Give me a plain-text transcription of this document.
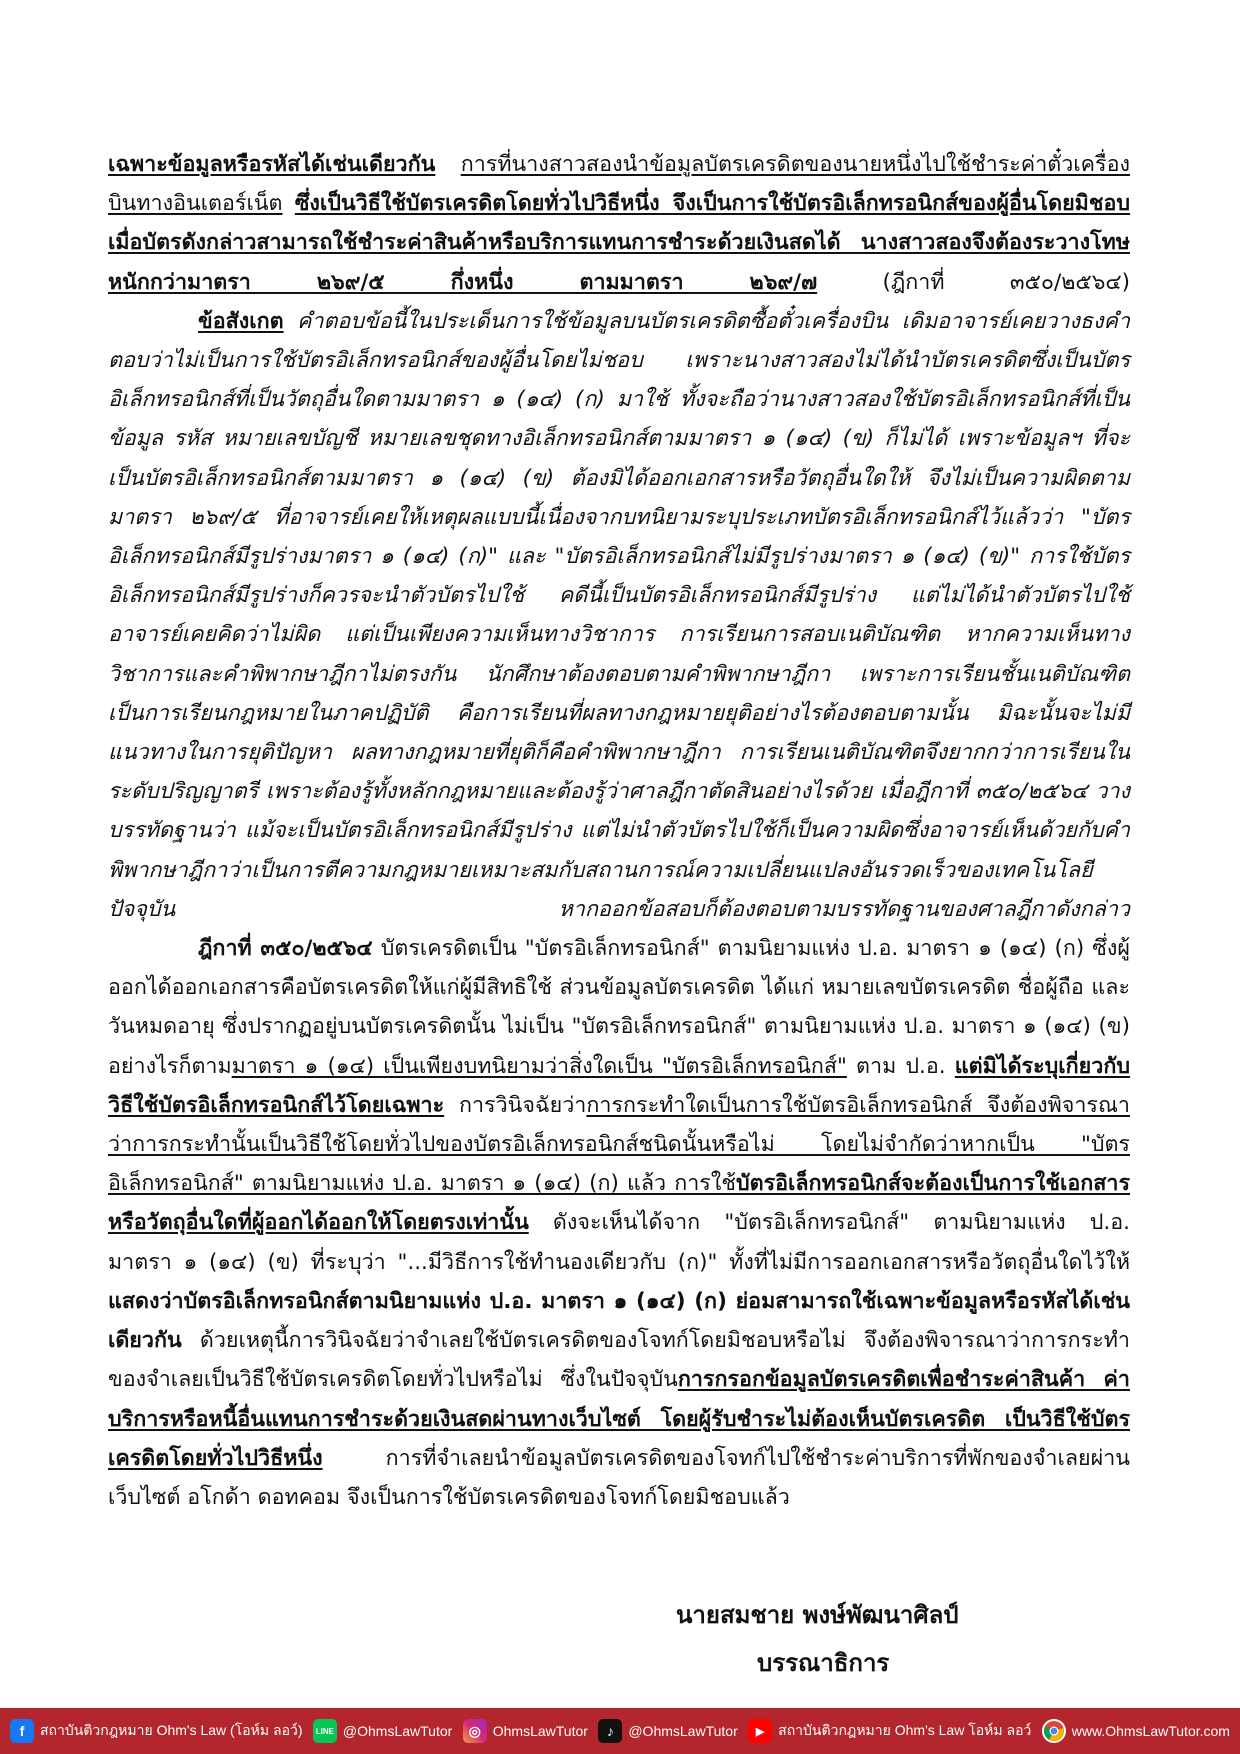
เฉพาะข้อมูลหรือรหัสได้เช่นเดียวกัน การที่นางสาวสองนำข้อมูลบัตรเครดิตของนายหนึ่งไปใช้ชำระค่าตั๋วเครื่องบินทางอินเตอร์เน็ต ซึ่งเป็นวิธีใช้บัตรเครดิตโดยทั่วไปวิธีหนึ่ง จึงเป็นการใช้บัตรอิเล็กทรอนิกส์ของผู้อื่นโดยมิชอบ เมื่อบัตรดังกล่าวสามารถใช้ชำระค่าสินค้าหรือบริการแทนการชำระด้วยเงินสดได้ นางสาวสองจึงต้องระวางโทษหนักกว่ามาตรา ๒๖๙/๕ กึ่งหนึ่ง ตามมาตรา ๒๖๙/๗ (ฎีกาที่ ๓๕๐/๒๕๖๔)

ข้อสังเกต คำตอบข้อนี้ในประเด็นการใช้ข้อมูลบนบัตรเครดิตซื้อตั๋วเครื่องบิน เดิมอาจารย์เคยวางธงคำตอบว่าไม่เป็นการใช้บัตรอิเล็กทรอนิกส์ของผู้อื่นโดยไม่ชอบ เพราะนางสาวสองไม่ได้นำบัตรเครดิตซึ่งเป็นบัตรอิเล็กทรอนิกส์ที่เป็นวัตถุอื่นใดตามมาตรา ๑ (๑๔) (ก) มาใช้ ทั้งจะถือว่านางสาวสองใช้บัตรอิเล็กทรอนิกส์ที่เป็นข้อมูล รหัส หมายเลขบัญชี หมายเลขชุดทางอิเล็กทรอนิกส์ตามมาตรา ๑ (๑๔) (ข) ก็ไม่ได้ เพราะข้อมูลฯ ที่จะเป็นบัตรอิเล็กทรอนิกส์ตามมาตรา ๑ (๑๔) (ข) ต้องมิได้ออกเอกสารหรือวัตถุอื่นใดให้ จึงไม่เป็นความผิดตามมาตรา ๒๖๙/๕ ที่อาจารย์เคยให้เหตุผลแบบนี้เนื่องจากบทนิยามระบุประเภทบัตรอิเล็กทรอนิกส์ไว้แล้วว่า "บัตรอิเล็กทรอนิกส์มีรูปร่างมาตรา ๑ (๑๔) (ก)" และ "บัตรอิเล็กทรอนิกส์ไม่มีรูปร่างมาตรา ๑ (๑๔) (ข)" การใช้บัตรอิเล็กทรอนิกส์มีรูปร่างก็ควรจะนำตัวบัตรไปใช้ คดีนี้เป็นบัตรอิเล็กทรอนิกส์มีรูปร่าง แต่ไม่ได้นำตัวบัตรไปใช้ อาจารย์เคยคิดว่าไม่ผิด แต่เป็นเพียงความเห็นทางวิชาการ การเรียนการสอบเนติบัณฑิต หากความเห็นทางวิชาการและคำพิพากษาฎีกาไม่ตรงกัน นักศึกษาต้องตอบตามคำพิพากษาฎีกา เพราะการเรียนชั้นเนติบัณฑิตเป็นการเรียนกฎหมายในภาคปฏิบัติ คือการเรียนที่ผลทางกฎหมายยุติอย่างไรต้องตอบตามนั้น มิฉะนั้นจะไม่มีแนวทางในการยุติปัญหา ผลทางกฎหมายที่ยุติก็คือคำพิพากษาฎีกา การเรียนเนติบัณฑิตจึงยากกว่าการเรียนในระดับปริญญาตรี เพราะต้องรู้ทั้งหลักกฎหมายและต้องรู้ว่าศาลฎีกาตัดสินอย่างไรด้วย เมื่อฎีกาที่ ๓๕๐/๒๕๖๔ วางบรรทัดฐานว่า แม้จะเป็นบัตรอิเล็กทรอนิกส์มีรูปร่าง แต่ไม่นำตัวบัตรไปใช้ก็เป็นความผิดซึ่งอาจารย์เห็นด้วยกับคำพิพากษาฎีกาว่าเป็นการตีความกฎหมายเหมาะสมกับสถานการณ์ความเปลี่ยนแปลงอันรวดเร็วของเทคโนโลยีปัจจุบัน หากออกข้อสอบก็ต้องตอบตามบรรทัดฐานของศาลฎีกาดังกล่าว

ฎีกาที่ ๓๕๐/๒๕๖๔ บัตรเครดิตเป็น "บัตรอิเล็กทรอนิกส์" ตามนิยามแห่ง ป.อ. มาตรา ๑ (๑๔) (ก) ซึ่งผู้ออกได้ออกเอกสารคือบัตรเครดิตให้แก่ผู้มีสิทธิใช้ ส่วนข้อมูลบัตรเครดิต ได้แก่ หมายเลขบัตรเครดิต ชื่อผู้ถือ และวันหมดอายุ ซึ่งปรากฏอยู่บนบัตรเครดิตนั้น ไม่เป็น "บัตรอิเล็กทรอนิกส์" ตามนิยามแห่ง ป.อ. มาตรา ๑ (๑๔) (ข) อย่างไรก็ตามมาตรา ๑ (๑๔) เป็นเพียงบทนิยามว่าสิ่งใดเป็น "บัตรอิเล็กทรอนิกส์" ตาม ป.อ. แต่มิได้ระบุเกี่ยวกับวิธีใช้บัตรอิเล็กทรอนิกส์ไว้โดยเฉพาะ การวินิจฉัยว่าการกระทำใดเป็นการใช้บัตรอิเล็กทรอนิกส์ จึงต้องพิจารณาว่าการกระทำนั้นเป็นวิธีใช้โดยทั่วไปของบัตรอิเล็กทรอนิกส์ชนิดนั้นหรือไม่ โดยไม่จำกัดว่าหากเป็น "บัตรอิเล็กทรอนิกส์" ตามนิยามแห่ง ป.อ. มาตรา ๑ (๑๔) (ก) แล้ว การใช้บัตรอิเล็กทรอนิกส์จะต้องเป็นการใช้เอกสารหรือวัตถุอื่นใดที่ผู้ออกได้ออกให้โดยตรงเท่านั้น ดังจะเห็นได้จาก "บัตรอิเล็กทรอนิกส์" ตามนิยามแห่ง ป.อ. มาตรา ๑ (๑๔) (ข) ที่ระบุว่า "...มีวิธีการใช้ทำนองเดียวกับ (ก)" ทั้งที่ไม่มีการออกเอกสารหรือวัตถุอื่นใดไว้ให้ แสดงว่าบัตรอิเล็กทรอนิกส์ตามนิยามแห่ง ป.อ. มาตรา ๑ (๑๔) (ก) ย่อมสามารถใช้เฉพาะข้อมูลหรือรหัสได้เช่นเดียวกัน ด้วยเหตุนี้การวินิจฉัยว่าจำเลยใช้บัตรเครดิตของโจทก์โดยมิชอบหรือไม่ จึงต้องพิจารณาว่าการกระทำของจำเลยเป็นวิธีใช้บัตรเครดิตโดยทั่วไปหรือไม่ ซึ่งในปัจจุบันการกรอกข้อมูลบัตรเครดิตเพื่อชำระค่าสินค้า ค่าบริการหรือหนี้อื่นแทนการชำระด้วยเงินสดผ่านทางเว็บไซต์ โดยผู้รับชำระไม่ต้องเห็นบัตรเครดิต เป็นวิธีใช้บัตรเครดิตโดยทั่วไปวิธีหนึ่ง การที่จำเลยนำข้อมูลบัตรเครดิตของโจทก์ไปใช้ชำระค่าบริการที่พักของจำเลยผ่านเว็บไซต์ อโกด้า ดอทคอม จึงเป็นการใช้บัตรเครดิตของโจทก์โดยมิชอบแล้ว

นายสมชาย พงษ์พัฒนาศิลป์
บรรณาธิการ
f	สถาบันติวกฎหมาย Ohm's Law (โอห์ม ลอว์)	LINE @OhmsLawTutor	◎ OhmsLawTutor	♪	@OhmsLawTutor	▶ สถาบันติวกฎหมาย Ohm's Law โอห์ม ลอว์	www.OhmsLawTutor.com
